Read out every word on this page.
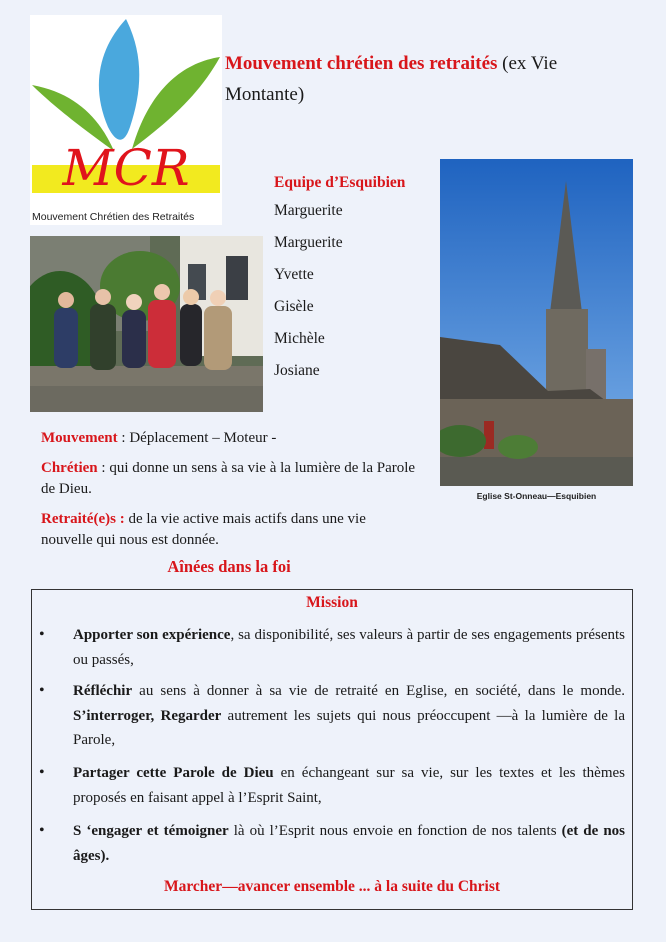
MCR
Mouvement Chrétien des Retraités
Mouvement chrétien des retraités (ex Vie Montante)
Equipe d’Esquibien
Marguerite
Marguerite
Yvette
Gisèle
Michèle
Josiane
Eglise St-Onneau—Esquibien

Mouvement : Déplacement – Moteur -

Chrétien : qui donne un sens à sa vie à la lumière de la Parole de Dieu.

Retraité(e)s : de la vie active mais actifs dans une vie nouvelle qui nous est donnée.

Aînées dans la foi
Mission
• Apporter son expérience, sa disponibilité, ses valeurs à partir de ses engagements présents ou passés,
• Réfléchir au sens à donner à sa vie de retraité en Eglise, en société, dans le monde. S’interroger, Regarder autrement les sujets qui nous préoccupent —à la lumière de la Parole,
• Partager cette Parole de Dieu en échangeant sur sa vie, sur les textes et les thèmes proposés en faisant appel à l’Esprit Saint,
• S ‘engager et témoigner là où l’Esprit nous envoie en fonction de nos talents (et de nos âges).
Marcher—avancer ensemble ... à la suite du Christ
